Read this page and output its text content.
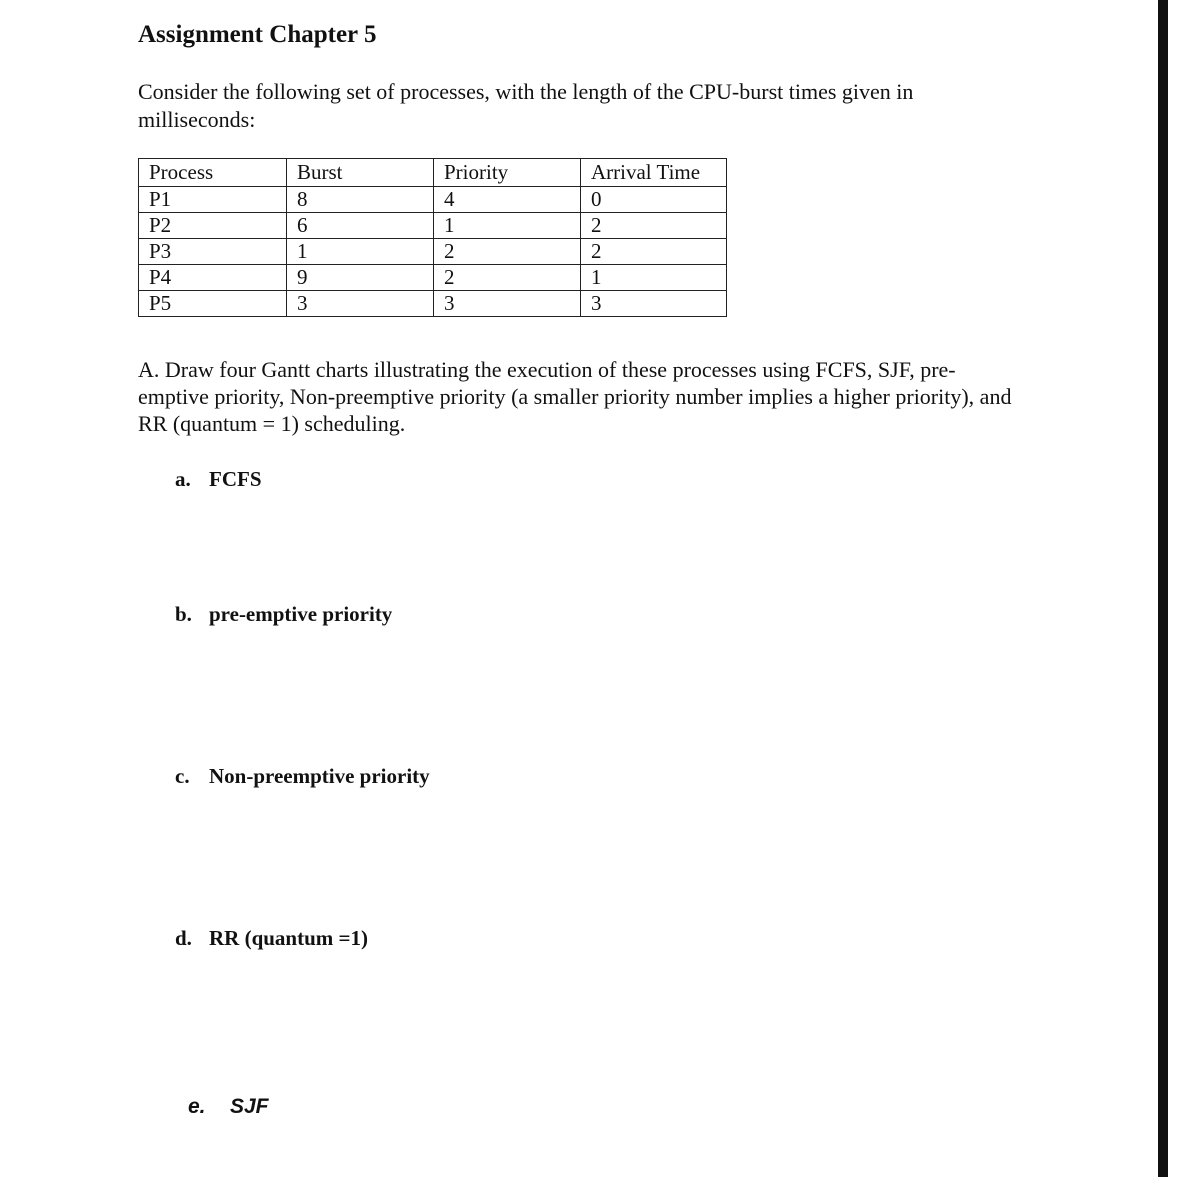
Assignment Chapter 5

Consider the following set of processes, with the length of the CPU-burst times given in milliseconds:

Process	Burst	Priority	Arrival Time
P1	8	4	0
P2	6	1	2
P3	1	2	2
P4	9	2	1
P5	3	3	3

A. Draw four Gantt charts illustrating the execution of these processes using FCFS, SJF, pre-emptive priority, Non-preemptive priority (a smaller priority number implies a higher priority), and RR (quantum = 1) scheduling.

a. FCFS
b. pre-emptive priority
c. Non-preemptive priority
d. RR (quantum =1)
e. SJF
